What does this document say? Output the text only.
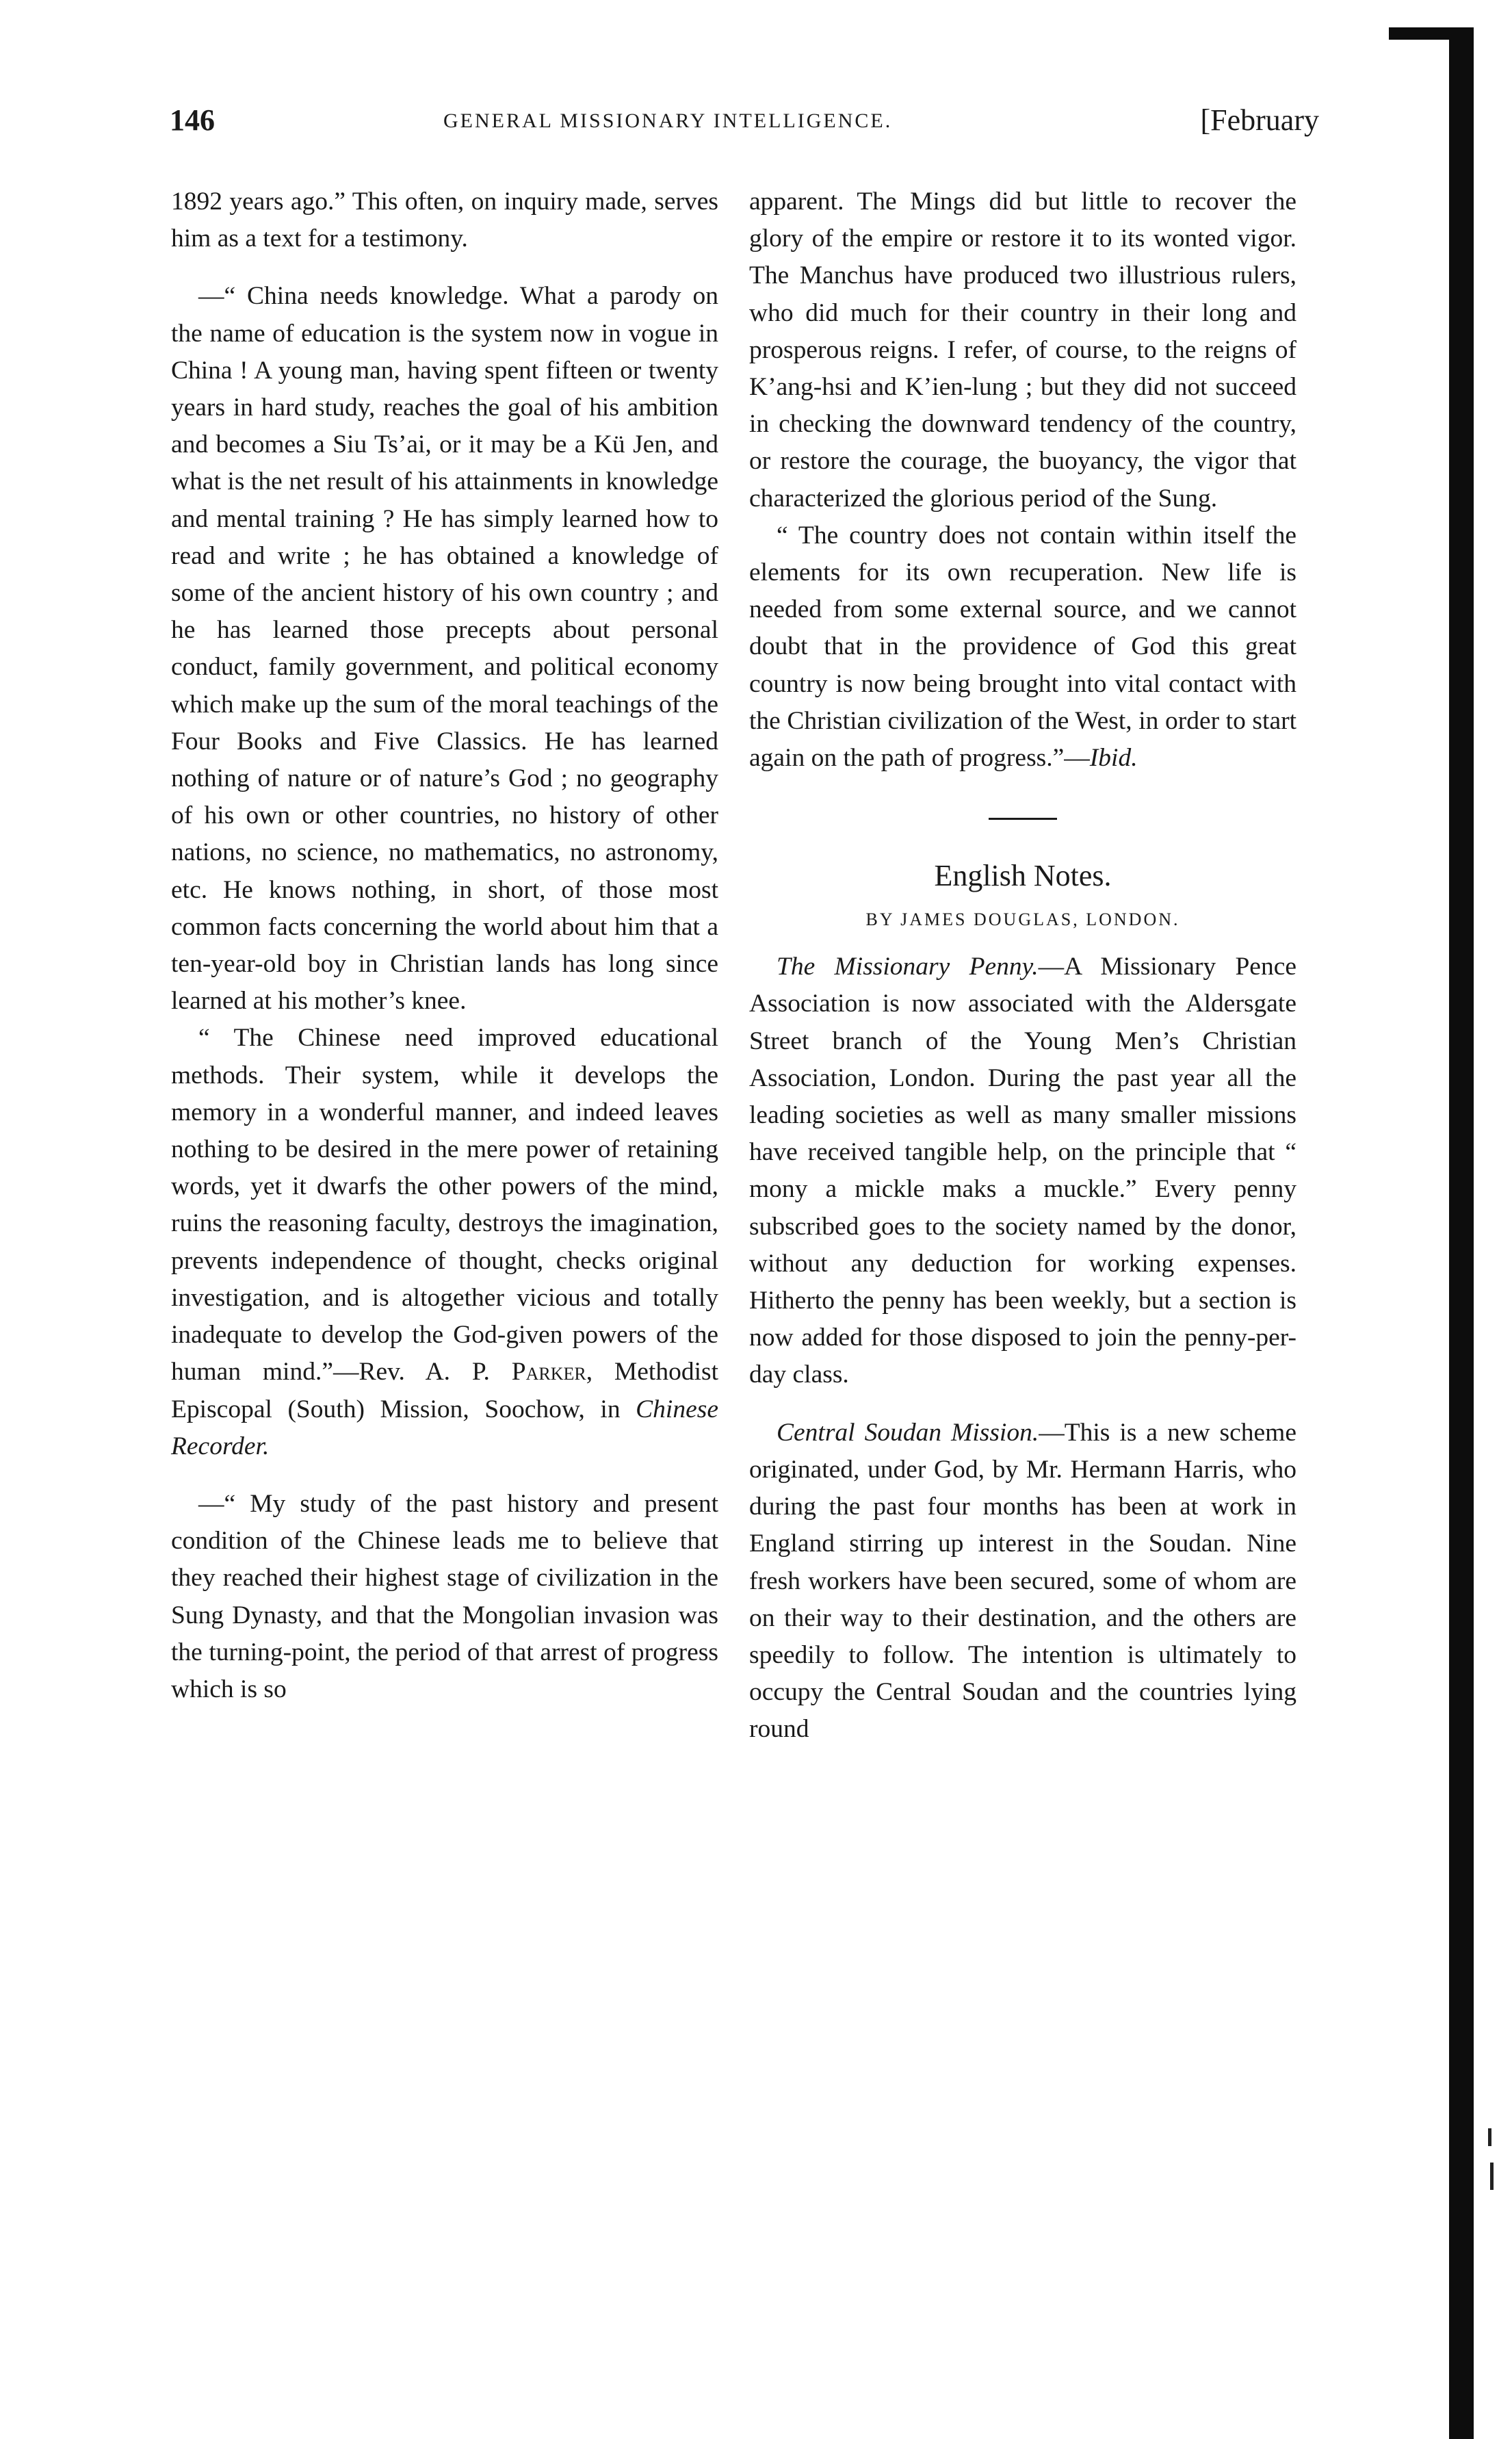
146	GENERAL MISSIONARY INTELLIGENCE.	[February

1892 years ago.” This often, on inquiry made, serves him as a text for a testimony.

—“ China needs knowledge. What a parody on the name of education is the system now in vogue in China ! A young man, having spent fifteen or twenty years in hard study, reaches the goal of his ambition and becomes a Siu Ts’ai, or it may be a Kü Jen, and what is the net result of his attainments in knowledge and mental training ? He has simply learned how to read and write ; he has obtained a knowledge of some of the ancient history of his own country ; and he has learned those precepts about personal conduct, family government, and political economy which make up the sum of the moral teachings of the Four Books and Five Classics. He has learned nothing of nature or of nature’s God ; no geography of his own or other countries, no history of other nations, no science, no mathematics, no astronomy, etc. He knows nothing, in short, of those most common facts concerning the world about him that a ten-year-old boy in Christian lands has long since learned at his mother’s knee.

“ The Chinese need improved educational methods. Their system, while it develops the memory in a wonderful manner, and indeed leaves nothing to be desired in the mere power of retaining words, yet it dwarfs the other powers of the mind, ruins the reasoning faculty, destroys the imagination, prevents independence of thought, checks original investigation, and is altogether vicious and totally inadequate to develop the God-given powers of the human mind.”—Rev. A. P. Parker, Methodist Episcopal (South) Mission, Soochow, in Chinese Recorder.

—“ My study of the past history and present condition of the Chinese leads me to believe that they reached their highest stage of civilization in the Sung Dynasty, and that the Mongolian invasion was the turning-point, the period of that arrest of progress which is so

apparent. The Mings did but little to recover the glory of the empire or restore it to its wonted vigor. The Manchus have produced two illustrious rulers, who did much for their country in their long and prosperous reigns. I refer, of course, to the reigns of K’ang-hsi and K’ien-lung ; but they did not succeed in checking the downward tendency of the country, or restore the courage, the buoyancy, the vigor that characterized the glorious period of the Sung.

“ The country does not contain within itself the elements for its own recuperation. New life is needed from some external source, and we cannot doubt that in the providence of God this great country is now being brought into vital contact with the Christian civilization of the West, in order to start again on the path of progress.”—Ibid.

English Notes.

BY JAMES DOUGLAS, LONDON.

The Missionary Penny.—A Missionary Pence Association is now associated with the Aldersgate Street branch of the Young Men’s Christian Association, London. During the past year all the leading societies as well as many smaller missions have received tangible help, on the principle that “ mony a mickle maks a muckle.” Every penny subscribed goes to the society named by the donor, without any deduction for working expenses. Hitherto the penny has been weekly, but a section is now added for those disposed to join the penny-per-day class.

Central Soudan Mission.—This is a new scheme originated, under God, by Mr. Hermann Harris, who during the past four months has been at work in England stirring up interest in the Soudan. Nine fresh workers have been secured, some of whom are on their way to their destination, and the others are speedily to follow. The intention is ultimately to occupy the Central Soudan and the countries lying round
